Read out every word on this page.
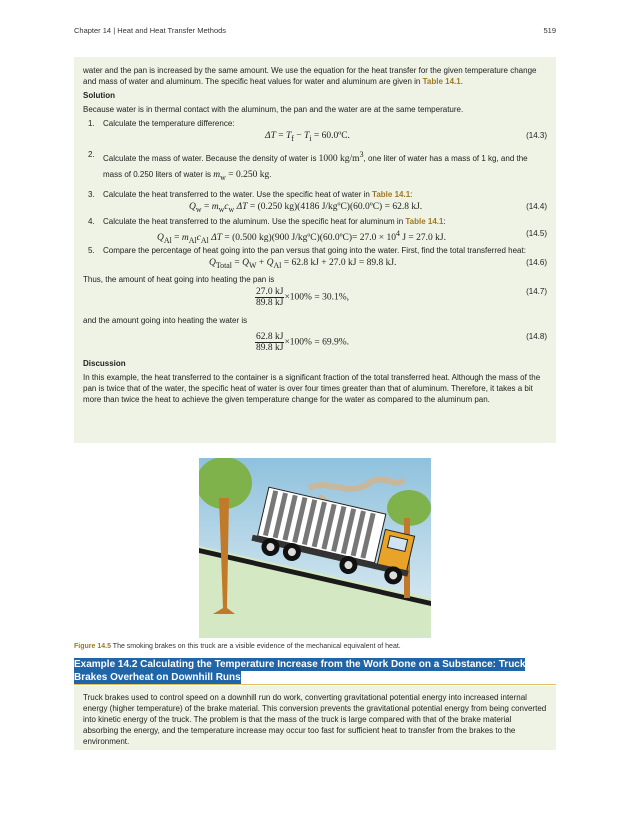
Chapter 14 | Heat and Heat Transfer Methods	519

water and the pan is increased by the same amount. We use the equation for the heat transfer for the given temperature change and mass of water and aluminum. The specific heat values for water and aluminum are given in Table 14.1.

Solution

Because water is in thermal contact with the aluminum, the pan and the water are at the same temperature.

1. Calculate the temperature difference:
$\Delta T = T_f - T_i$ = 60.0ºC.	(14.3)
2. Calculate the mass of water. Because the density of water is 1000 $kg/m^3$, one liter of water has a mass of 1 kg, and the mass of 0.250 liters of water is $m_w = 0.250$ kg.
3. Calculate the heat transferred to the water. Use the specific heat of water in Table 14.1:
$Q_w = m_wc_w$ ΔT = (0.250 kg)(4186 J/kgºC)(60.0ºC) = 62.8 kJ.	(14.4)
4. Calculate the heat transferred to the aluminum. Use the specific heat for aluminum in Table 14.1:
$Q_{Al} = m_{Al}c_{Al}$ ΔT = (0.500 kg)(900 J/kgºC)(60.0ºC)= $27.0 \times 10^4$ J = 27.0 kJ.	(14.5)
5. Compare the percentage of heat going into the pan versus that going into the water. First, find the total transferred heat:
$Q_{Total} = Q_W + Q_{Al} = 62.8$ kJ + 27.0 kJ = 89.8 kJ.	(14.6)

Thus, the amount of heat going into heating the pan is

$\frac{27.0 kJ}{89.8 kJ} \times 100\% = 30.1\%$,
(14.7)

and the amount going into heating the water is

$\frac{62.8 kJ}{89.8 kJ} \times 100\% = 69.9\%$.
(14.8)

Discussion

In this example, the heat transferred to the container is a significant fraction of the total transferred heat. Although the mass of the pan is twice that of the water, the specific heat of water is over four times greater than that of aluminum. Therefore, it takes a bit more than twice the heat to achieve the given temperature change for the water as compared to the aluminum pan.

Figure 14.5 The smoking brakes on this truck are a visible evidence of the mechanical equivalent of heat.
Example 14.2 Calculating the Temperature Increase from the Work Done on a Substance: Truck Brakes Overheat on Downhill Runs

Truck brakes used to control speed on a downhill run do work, converting gravitational potential energy into increased internal energy (higher temperature) of the brake material. This conversion prevents the gravitational potential energy from being converted into kinetic energy of the truck. The problem is that the mass of the truck is large compared with that of the brake material absorbing the energy, and the temperature increase may occur too fast for sufficient heat to transfer from the brakes to the environment.
